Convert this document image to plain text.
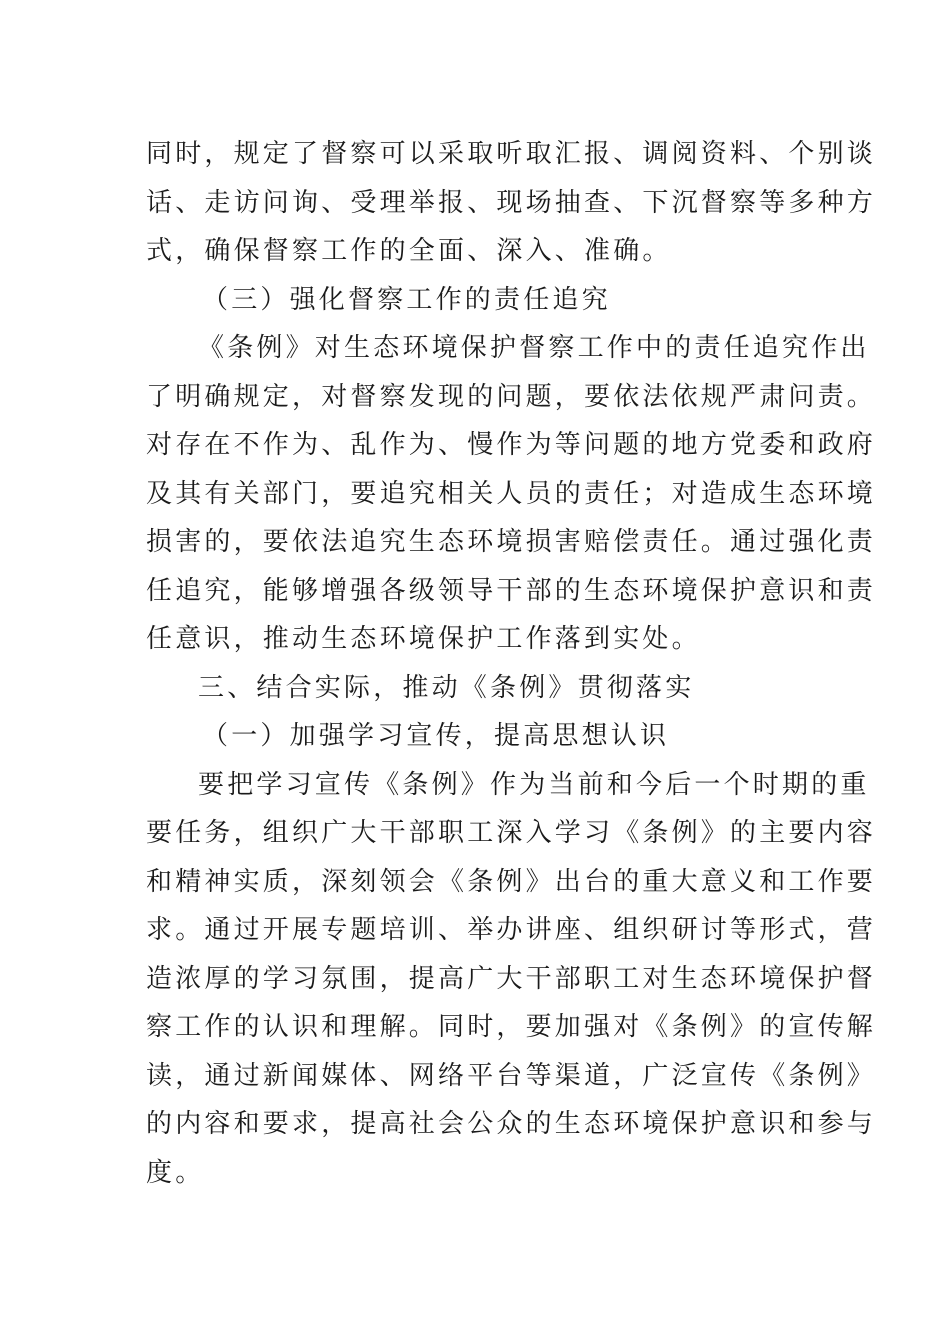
同时，规定了督察可以采取听取汇报、调阅资料、个别谈
话、走访问询、受理举报、现场抽查、下沉督察等多种方
式，确保督察工作的全面、深入、准确。
（三）强化督察工作的责任追究
《条例》对生态环境保护督察工作中的责任追究作出
了明确规定，对督察发现的问题，要依法依规严肃问责。
对存在不作为、乱作为、慢作为等问题的地方党委和政府
及其有关部门，要追究相关人员的责任；对造成生态环境
损害的，要依法追究生态环境损害赔偿责任。通过强化责
任追究，能够增强各级领导干部的生态环境保护意识和责
任意识，推动生态环境保护工作落到实处。
三、结合实际，推动《条例》贯彻落实
（一）加强学习宣传，提高思想认识
要把学习宣传《条例》作为当前和今后一个时期的重
要任务，组织广大干部职工深入学习《条例》的主要内容
和精神实质，深刻领会《条例》出台的重大意义和工作要
求。通过开展专题培训、举办讲座、组织研讨等形式，营
造浓厚的学习氛围，提高广大干部职工对生态环境保护督
察工作的认识和理解。同时，要加强对《条例》的宣传解
读，通过新闻媒体、网络平台等渠道，广泛宣传《条例》
的内容和要求，提高社会公众的生态环境保护意识和参与
度。
